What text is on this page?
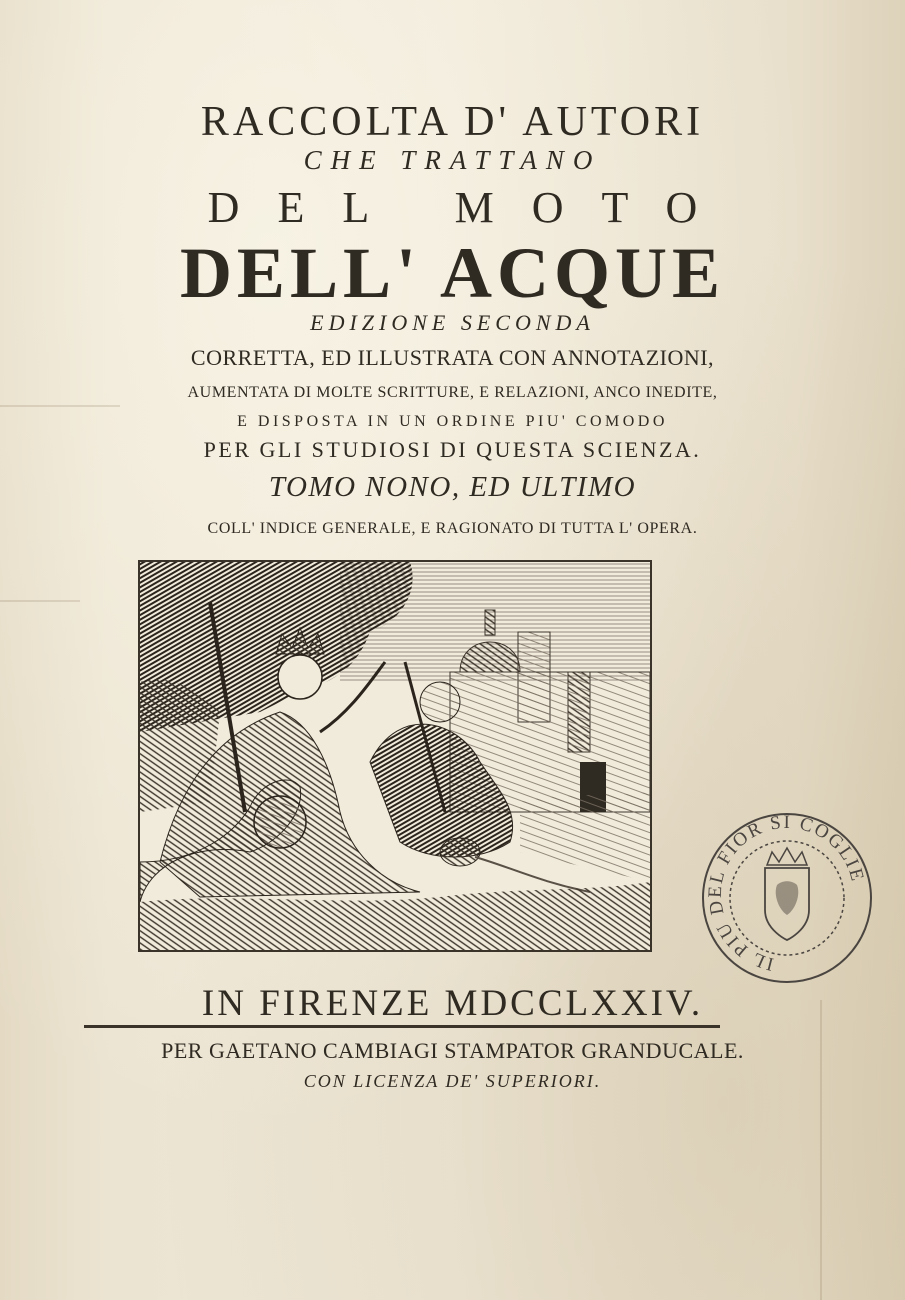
RACCOLTA D' AUTORI
CHE TRATTANO
DEL MOTO
DELL' ACQUE
EDIZIONE SECONDA
CORRETTA, ED ILLUSTRATA CON ANNOTAZIONI,
AUMENTATA DI MOLTE SCRITTURE, E RELAZIONI, ANCO INEDITE,
E DISPOSTA IN UN ORDINE PIU' COMODO
PER GLI STUDIOSI DI QUESTA SCIENZA.
TOMO NONO, ED ULTIMO
COLL' INDICE GENERALE, E RAGIONATO DI TUTTA L' OPERA.
IN FIRENZE MDCCLXXIV.
PER GAETANO CAMBIAGI STAMPATOR GRANDUCALE.
CON LICENZA DE' SUPERIORI.
IL PIU DEL FIOR SI COGLIE
